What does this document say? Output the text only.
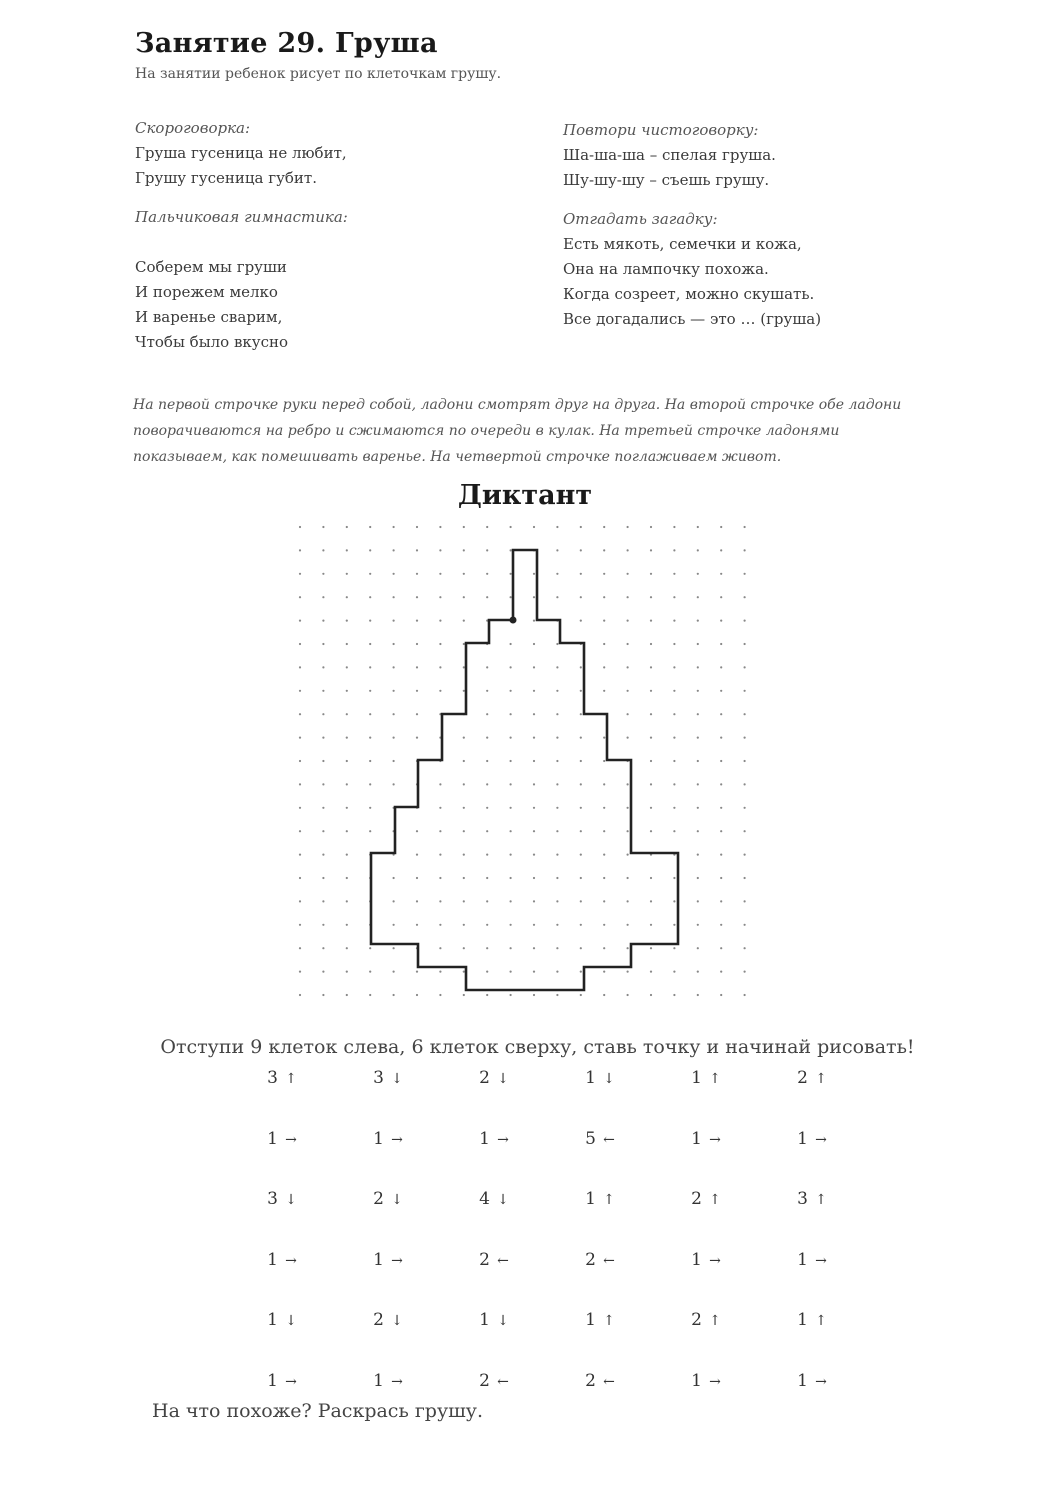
Занятие 29. Груша
На занятии ребенок рисует по клеточкам грушу.
Скороговорка:
Груша гусеница не любит,
Грушу гусеница губит.
Пальчиковая гимнастика:
Соберем мы груши
И порежем мелко
И варенье сварим,
Чтобы было вкусно
Повтори чистоговорку:
Ша-ша-ша – спелая груша.
Шу-шу-шу – съешь грушу.
Отгадать загадку:
Есть мякоть, семечки и кожа,
Она на лампочку похожа.
Когда созреет, можно скушать.
Все догадались — это … (груша)
На первой строчке руки перед собой, ладони смотрят друг на друга. На второй строчке обе ладони поворачиваются на ребро и сжимаются по очереди в кулак. На третьей строчке ладонями показываем, как помешивать варенье. На четвертой строчке поглаживаем живот.
Диктант
Отступи 9 клеток слева, 6 клеток сверху, ставь точку и начинай рисовать!
3 ↑	3 ↓	2 ↓	1 ↓	1 ↑	2 ↑
1 →	1 →	1 →	5 ←	1 →	1 →
3 ↓	2 ↓	4 ↓	1 ↑	2 ↑	3 ↑
1 →	1 →	2 ←	2 ←	1 →	1 →
1 ↓	2 ↓	1 ↓	1 ↑	2 ↑	1 ↑
1 →	1 →	2 ←	2 ←	1 →	1 →
На что похоже? Раскрась грушу.
